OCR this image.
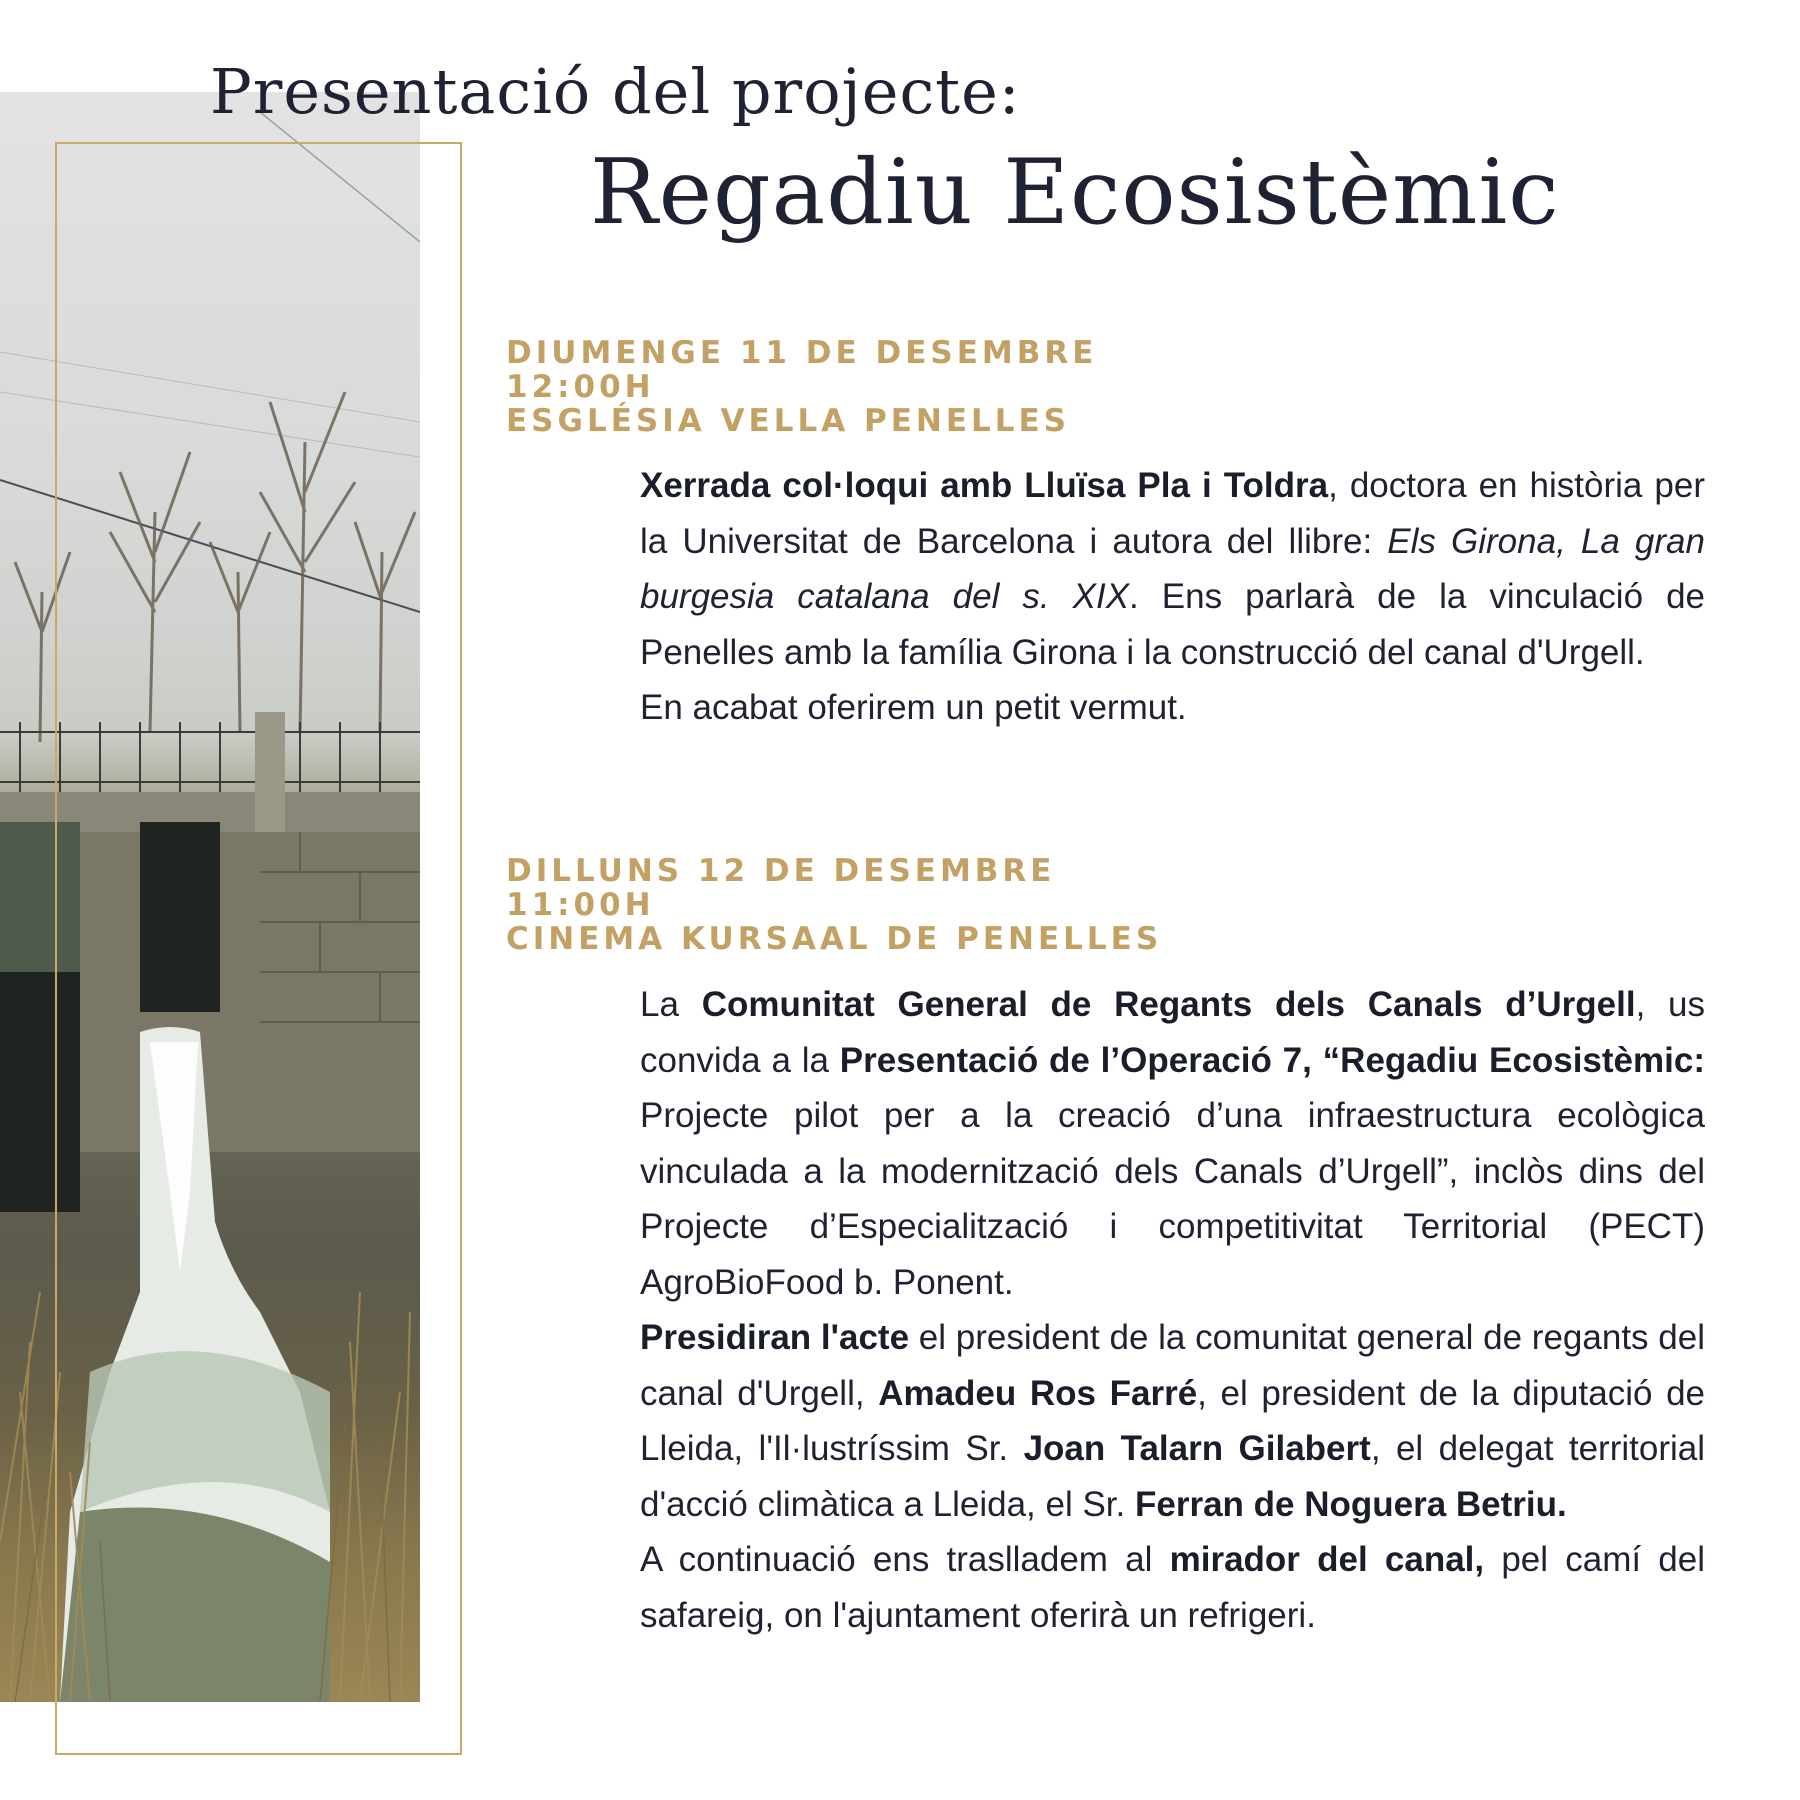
Presentació del projecte:
Regadiu Ecosistèmic
DIUMENGE 11 DE DESEMBRE
12:00H
ESGLÉSIA VELLA PENELLES

Xerrada col·loqui amb Lluïsa Pla i Toldra, doctora en història per la Universitat de Barcelona i autora del llibre: Els Girona, La gran burgesia catalana del s. XIX. Ens parlarà de la vinculació de Penelles amb la família Girona i la construcció del canal d'Urgell.

En acabat oferirem un petit vermut.

DILLUNS 12 DE DESEMBRE
11:00H
CINEMA KURSAAL DE PENELLES

La Comunitat General de Regants dels Canals d’Urgell, us convida a la Presentació de l’Operació 7, “Regadiu Ecosistèmic: Projecte pilot per a la creació d’una infraestructura ecològica vinculada a la modernització dels Canals d’Urgell”, inclòs dins del Projecte d’Especialització i competitivitat Territorial (PECT) AgroBioFood b. Ponent.

Presidiran l'acte el president de la comunitat general de regants del canal d'Urgell, Amadeu Ros Farré, el president de la diputació de Lleida, l'Il·lustríssim Sr. Joan Talarn Gilabert, el delegat territorial d'acció climàtica a Lleida, el Sr. Ferran de Noguera Betriu.

A continuació ens traslladem al mirador del canal, pel camí del safareig, on l'ajuntament oferirà un refrigeri.
